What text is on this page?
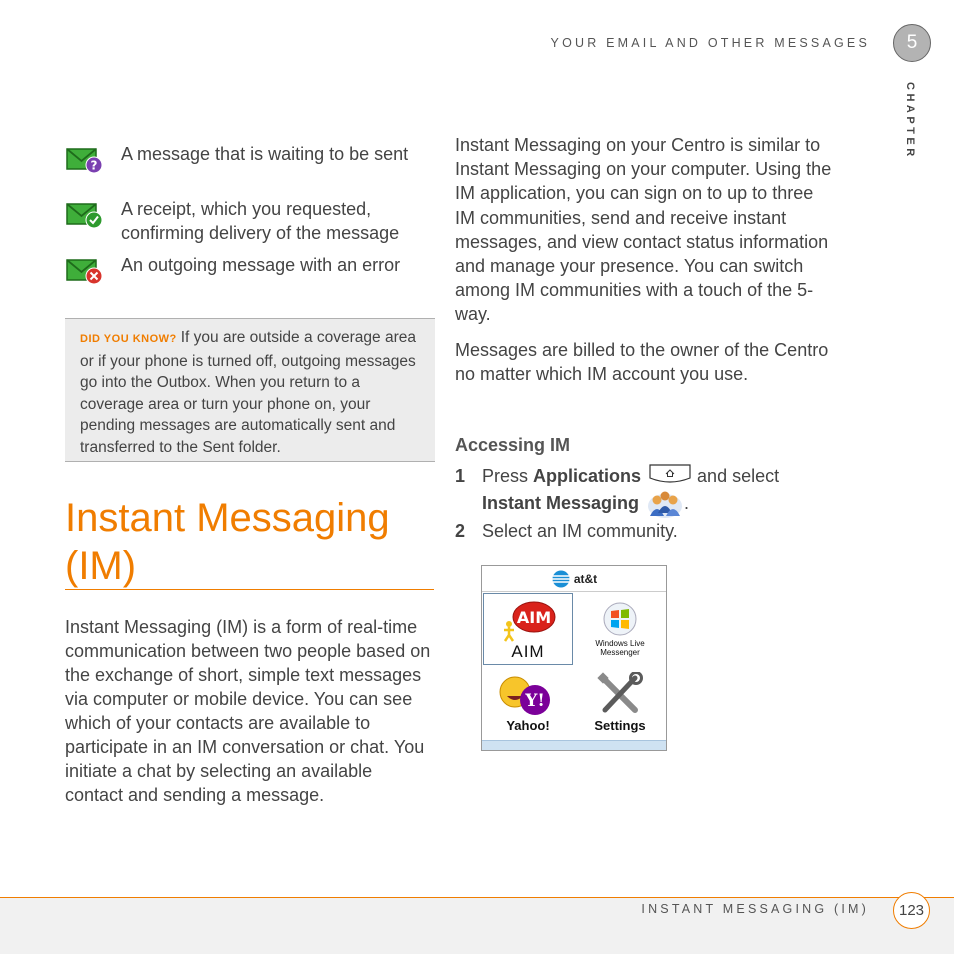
YOUR EMAIL AND OTHER MESSAGES	5
CHAPTER
?
A message that is waiting to be sent
A receipt, which you requested, confirming delivery of the message
An outgoing message with an error
DID YOU KNOW? If you are outside a coverage area or if your phone is turned off, outgoing messages go into the Outbox. When you return to a coverage area or turn your phone on, your pending messages are automatically sent and transferred to the Sent folder.
Instant Messaging (IM)
Instant Messaging (IM) is a form of real-time communication between two people based on the exchange of short, simple text messages via computer or mobile device. You can see which of your contacts are available to participate in an IM conversation or chat. You initiate a chat by selecting an available contact and sending a message.
Instant Messaging on your Centro is similar to Instant Messaging on your computer. Using the IM application, you can sign on to up to three IM communities, send and receive instant messages, and view contact status information and manage your presence. You can switch among IM communities with a touch of the 5-way.
Messages are billed to the owner of the Centro no matter which IM account you use.
Accessing IM
1 Press Applications	and select
Instant Messaging	.
2 Select an IM community.
at&t
AIM
AIM	Windows Live Messenger
Y!
Yahoo!	Settings
INSTANT MESSAGING (IM)	123
